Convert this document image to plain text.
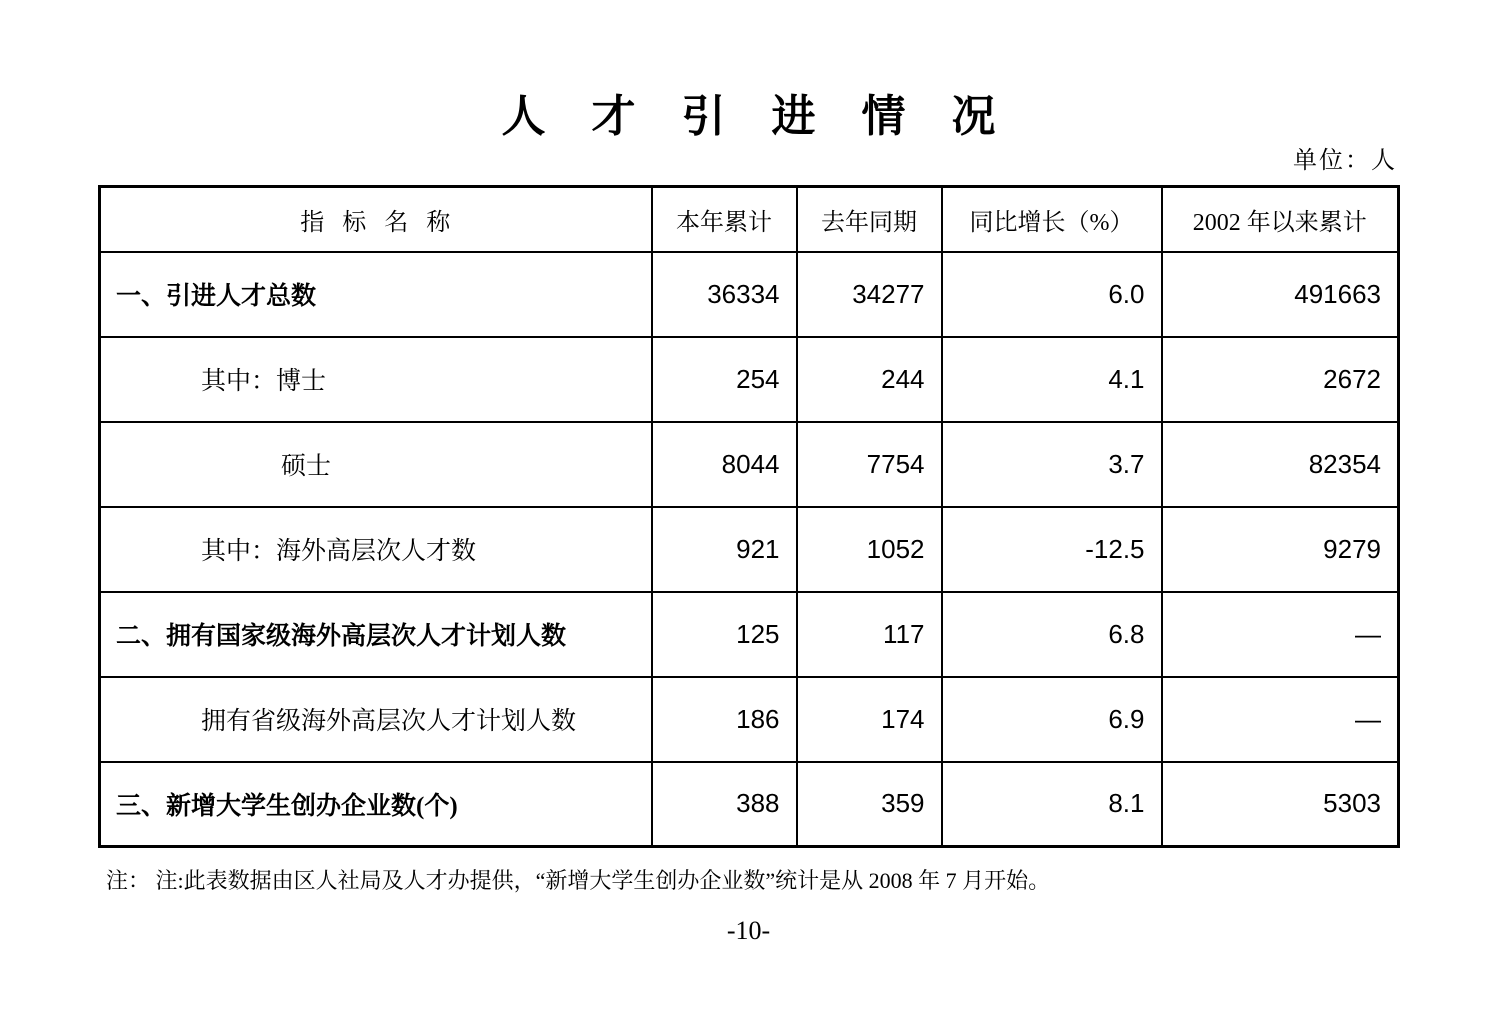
人才引进情况
单位：人
指标名称	本年累计	去年同期	同比增长（%）	2002 年以来累计
一、引进人才总数	36334	34277	6.0	491663
其中：博士	254	244	4.1	2672
硕士	8044	7754	3.7	82354
其中：海外高层次人才数	921	1052	-12.5	9279
二、拥有国家级海外高层次人才计划人数	125	117	6.8	—
拥有省级海外高层次人才计划人数	186	174	6.9	—
三、新增大学生创办企业数(个)	388	359	8.1	5303
注： 注:此表数据由区人社局及人才办提供，“新增大学生创办企业数”统计是从 2008 年 7 月开始。
-10-
